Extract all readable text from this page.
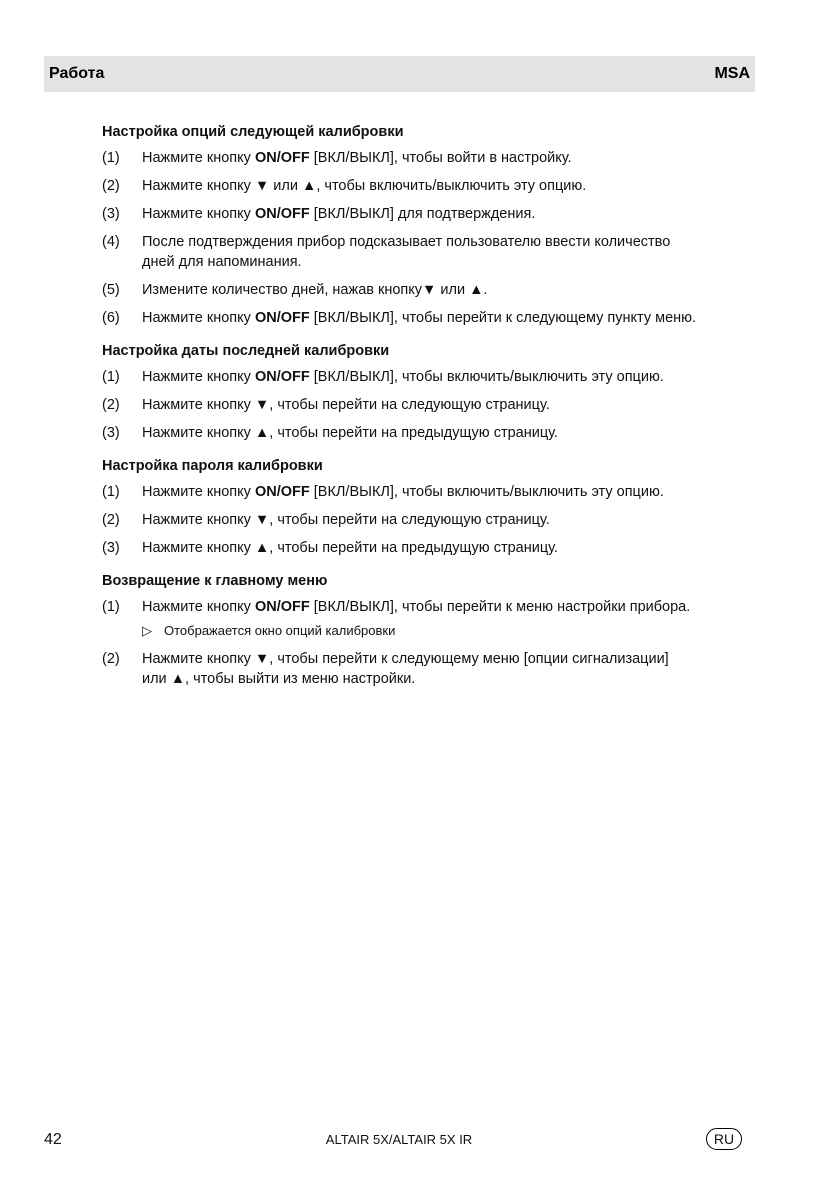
Работа	MSA
Настройка опций следующей калибровки
(1)	Нажмите кнопку ON/OFF [ВКЛ/ВЫКЛ], чтобы войти в настройку.
(2)	Нажмите кнопку ▼ или ▲, чтобы включить/выключить эту опцию.
(3)	Нажмите кнопку ON/OFF [ВКЛ/ВЫКЛ] для подтверждения.
(4)	После подтверждения прибор подсказывает пользователю ввести количество
дней для напоминания.
(5)	Измените количество дней, нажав кнопку▼ или ▲.
(6)	Нажмите кнопку ON/OFF [ВКЛ/ВЫКЛ], чтобы перейти к следующему пункту меню.
Настройка даты последней калибровки
(1)	Нажмите кнопку ON/OFF [ВКЛ/ВЫКЛ], чтобы включить/выключить эту опцию.
(2)	Нажмите кнопку ▼, чтобы перейти на следующую страницу.
(3)	Нажмите кнопку ▲, чтобы перейти на предыдущую страницу.
Настройка пароля калибровки
(1)	Нажмите кнопку ON/OFF [ВКЛ/ВЫКЛ], чтобы включить/выключить эту опцию.
(2)	Нажмите кнопку ▼, чтобы перейти на следующую страницу.
(3)	Нажмите кнопку ▲, чтобы перейти на предыдущую страницу.
Возвращение к главному меню
(1)	Нажмите кнопку ON/OFF [ВКЛ/ВЫКЛ], чтобы перейти к меню настройки прибора.
▷ Отображается окно опций калибровки
(2)	Нажмите кнопку ▼, чтобы перейти к следующему меню [опции сигнализации]
или ▲, чтобы выйти из меню настройки.
42	ALTAIR 5X/ALTAIR 5X IR	RU
